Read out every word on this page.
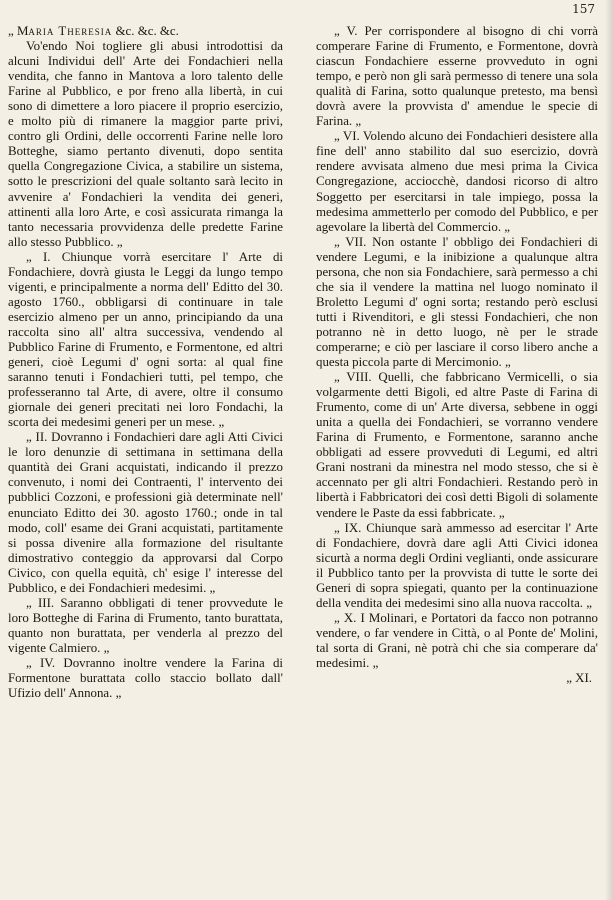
157

„ Maria Theresia &c. &c. &c.

Vo'endo Noi togliere gli abusi introdottisi da alcuni Individui dell' Arte dei Fondachieri nella vendita, che fanno in Mantova a loro talento delle Farine al Pubblico, e por freno alla libertà, in cui sono di dimettere a loro piacere il proprio esercizio, e molto più di rimanere la maggior parte privi, contro gli Ordini, delle occorrenti Farine nelle loro Botteghe, siamo pertanto divenuti, dopo sentita quella Congregazione Civica, a stabilire un sistema, sotto le prescrizioni del quale soltanto sarà lecito in avvenire a' Fondachieri la vendita dei generi, attinenti alla loro Arte, e così assicurata rimanga la tanto necessaria provvidenza delle predette Farine allo stesso Pubblico. „

„ I. Chiunque vorrà esercitare l' Arte di Fondachiere, dovrà giusta le Leggi da lungo tempo vigenti, e principalmente a norma dell' Editto del 30. agosto 1760., obbligarsi di continuare in tale esercizio almeno per un anno, principiando da una raccolta sino all' altra successiva, vendendo al Pubblico Farine di Frumento, e Formentone, ed altri generi, cioè Legumi d' ogni sorta: al qual fine saranno tenuti i Fondachieri tutti, pel tempo, che professeranno tal Arte, di avere, oltre il consumo giornale dei generi precitati nei loro Fondachi, la scorta dei medesimi generi per un mese. „

„ II. Dovranno i Fondachieri dare agli Atti Civici le loro denunzie di settimana in settimana della quantità dei Grani acquistati, indicando il prezzo convenuto, i nomi dei Contraenti, l' intervento dei pubblici Cozzoni, e professioni già determinate nell' enunciato Editto dei 30. agosto 1760.; onde in tal modo, coll' esame dei Grani acquistati, partitamente si possa divenire alla formazione del risultante dimostrativo conteggio da approvarsi dal Corpo Civico, con quella equità, ch' esige l' interesse del Pubblico, e dei Fondachieri medesimi. „

„ III. Saranno obbligati di tener provvedute le loro Botteghe di Farina di Frumento, tanto burattata, quanto non burattata, per venderla al prezzo del vigente Calmiero. „

„ IV. Dovranno inoltre vendere la Farina di Formentone burattata collo staccio bollato dall' Ufizio dell' Annona. „

„ V. Per corrispondere al bisogno di chi vorrà comperare Farine di Frumento, e Formentone, dovrà ciascun Fondachiere esserne provveduto in ogni tempo, e però non gli sarà permesso di tenere una sola qualità di Farina, sotto qualunque pretesto, ma bensì dovrà avere la provvista d' amendue le specie di Farina. „

„ VI. Volendo alcuno dei Fondachieri desistere alla fine dell' anno stabilito dal suo esercizio, dovrà rendere avvisata almeno due mesi prima la Civica Congregazione, acciocchè, dandosi ricorso di altro Soggetto per esercitarsi in tale impiego, possa la medesima ammetterlo per comodo del Pubblico, e per agevolare la libertà del Commercio. „

„ VII. Non ostante l' obbligo dei Fondachieri di vendere Legumi, e la inibizione a qualunque altra persona, che non sia Fondachiere, sarà permesso a chi che sia il vendere la mattina nel luogo nominato il Broletto Legumi d' ogni sorta; restando però esclusi tutti i Rivenditori, e gli stessi Fondachieri, che non potranno nè in detto luogo, nè per le strade comperarne; e ciò per lasciare il corso libero anche a questa piccola parte di Mercimonio. „

„ VIII. Quelli, che fabbricano Vermicelli, o sia volgarmente detti Bigoli, ed altre Paste di Farina di Frumento, come di un' Arte diversa, sebbene in oggi unita a quella dei Fondachieri, se vorranno vendere Farina di Frumento, e Formentone, saranno anche obbligati ad essere provveduti di Legumi, ed altri Grani nostrani da minestra nel modo stesso, che si è accennato per gli altri Fondachieri. Restando però in libertà i Fabbricatori dei così detti Bigoli di solamente vendere le Paste da essi fabbricate. „

„ IX. Chiunque sarà ammesso ad esercitar l' Arte di Fondachiere, dovrà dare agli Atti Civici idonea sicurtà a norma degli Ordini veglianti, onde assicurare il Pubblico tanto per la provvista di tutte le sorte dei Generi di sopra spiegati, quanto per la continuazione della vendita dei medesimi sino alla nuova raccolta. „

„ X. I Molinari, e Portatori da facco non potranno vendere, o far vendere in Città, o al Ponte de' Molini, tal sorta di Grani, nè potrà chi che sia comperare da' medesimi. „

„ XI.
